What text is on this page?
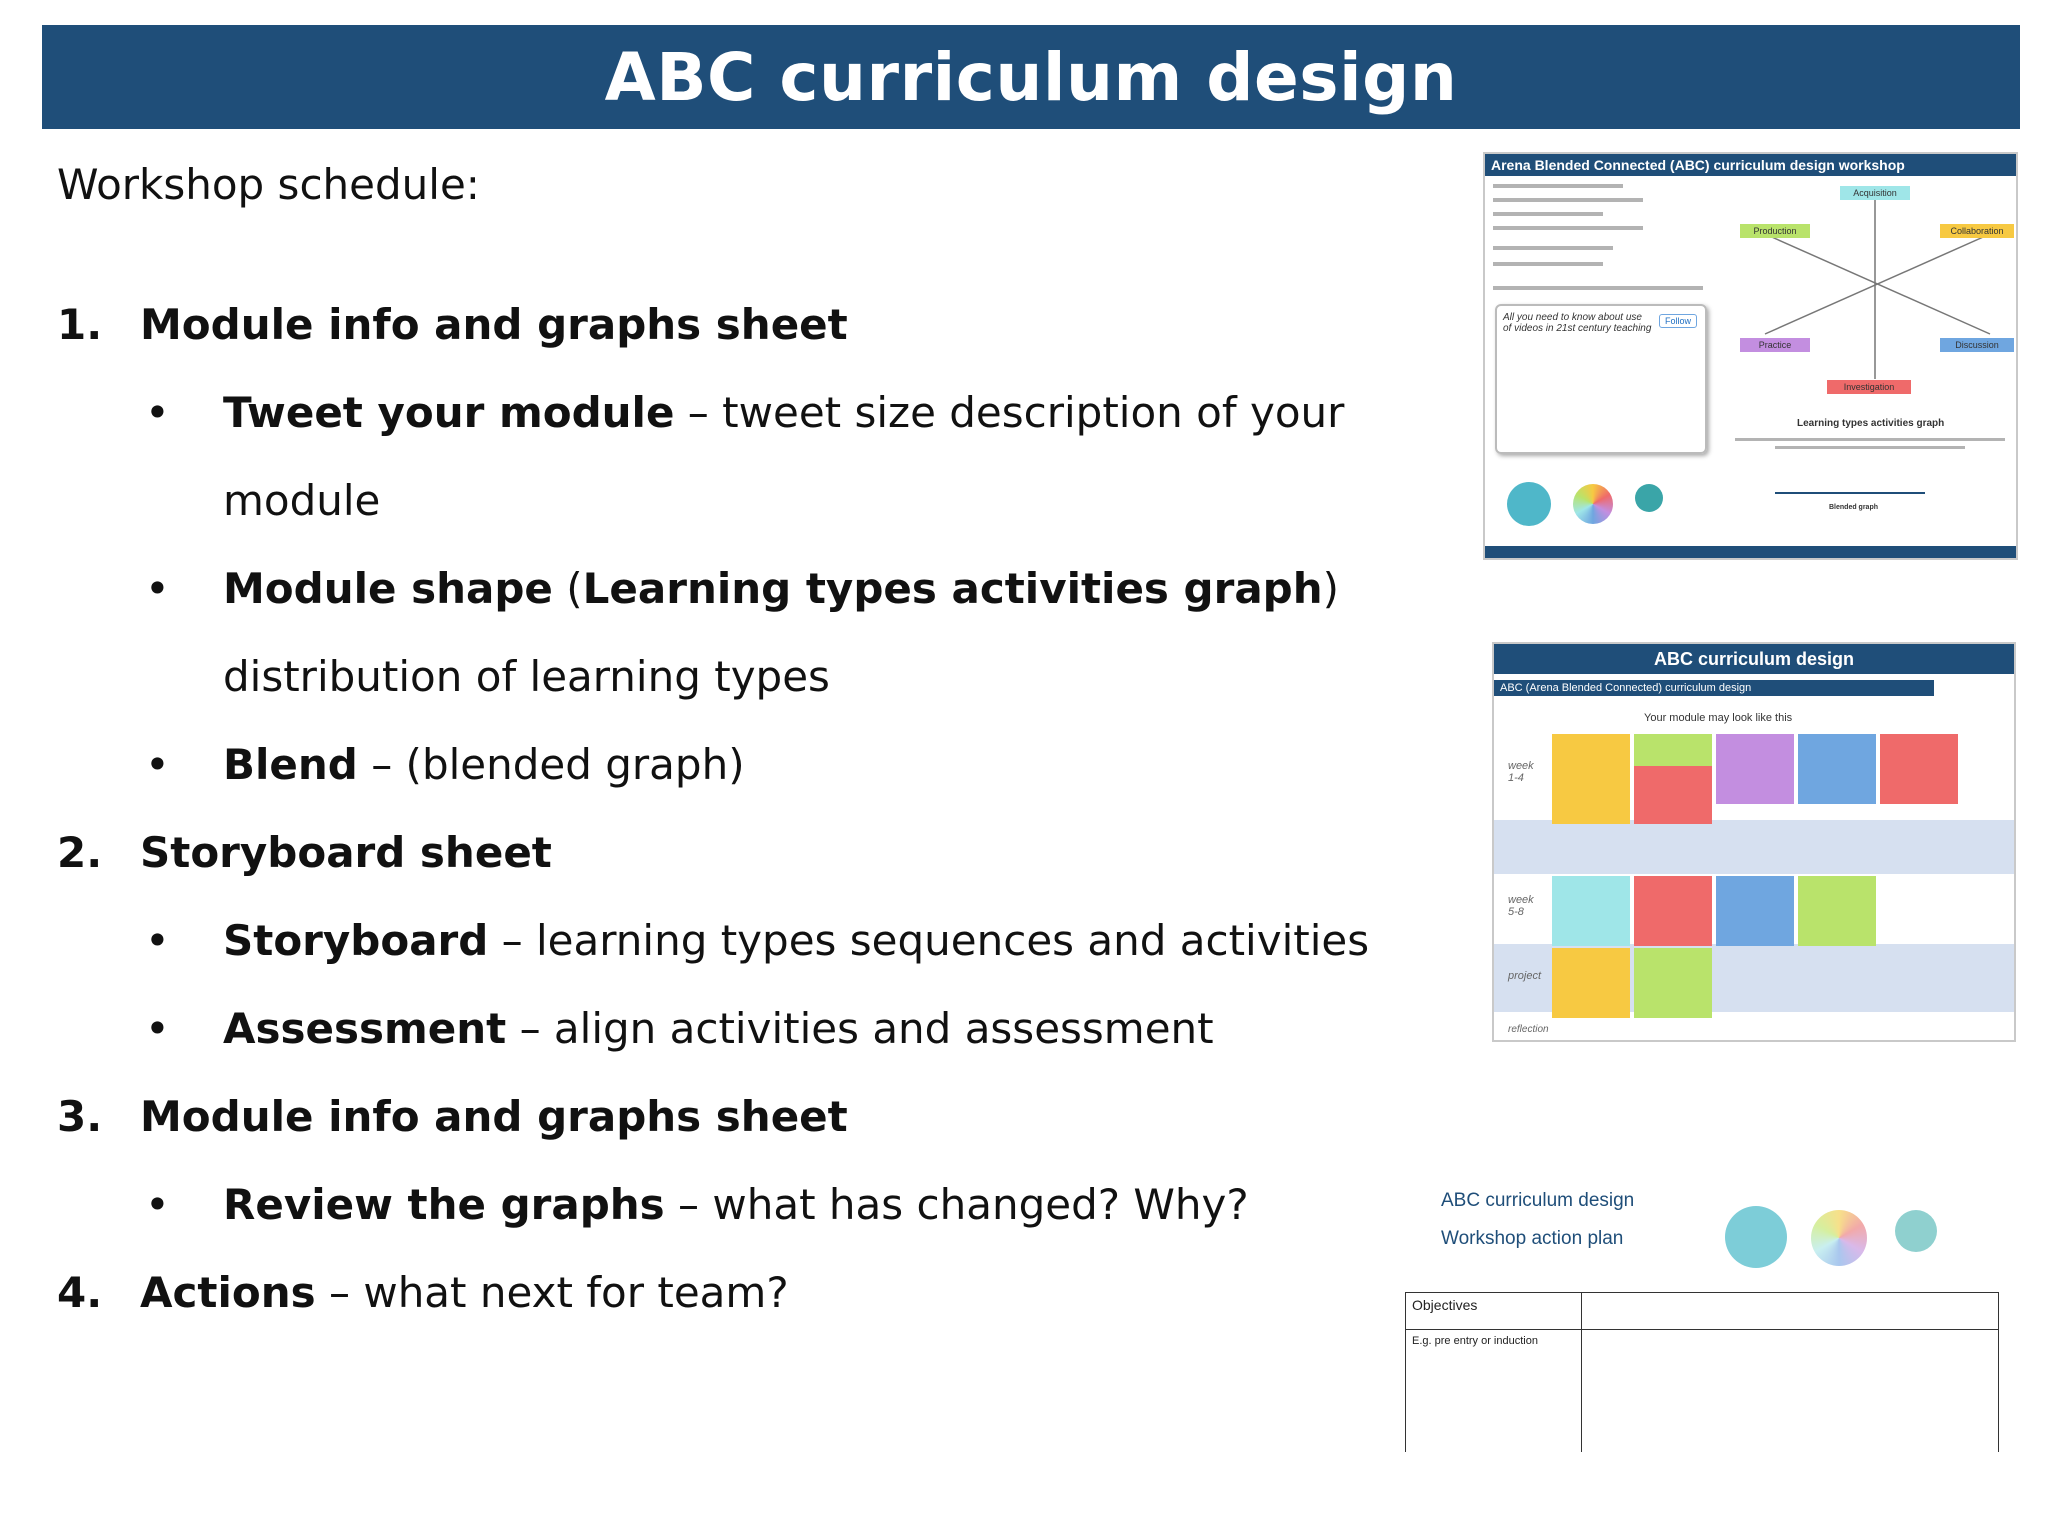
ABC curriculum design
Workshop schedule:
1. Module info and graphs sheet
•	Tweet your module – tweet size description of your module
•	Module shape (Learning types activities graph) distribution of learning types
•	Blend – (blended graph)
2. Storyboard sheet
•	Storyboard – learning types sequences and activities
•	Assessment – align activities and assessment
3. Module info and graphs sheet
•	Review the graphs – what has changed? Why?
4. Actions – what next for team?
Arena Blended Connected (ABC) curriculum design workshop
All you need to know about use of videos in 21st century teaching
Follow
Acquisition
Production	Collaboration
Practice	Discussion
Investigation
Learning types activities graph
Blended graph
ABC curriculum design
ABC (Arena Blended Connected) curriculum design
Your module may look like this
week 1-4
week 5-8
project
reflection
ABC curriculum design
Workshop action plan
Objectives
E.g. pre entry or induction
